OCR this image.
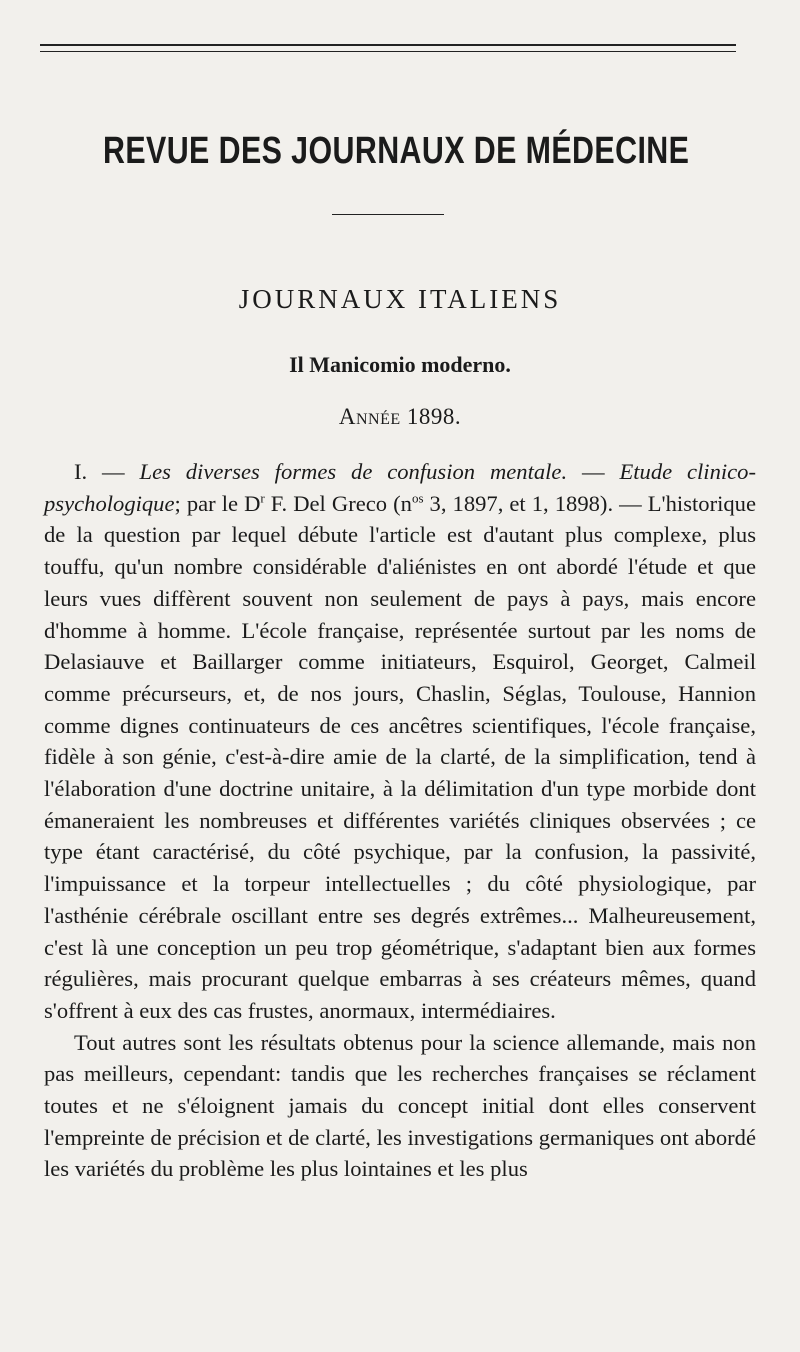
REVUE DES JOURNAUX DE MÉDECINE
JOURNAUX ITALIENS
Il Manicomio moderno.
Année 1898.

I. — Les diverses formes de confusion mentale. — Etude clinico-psychologique; par le $D^r$ F. Del Greco ($n^{os}$ 3, 1897, et 1, 1898). — L'historique de la question par lequel débute l'article est d'autant plus complexe, plus touffu, qu'un nombre considérable d'aliénistes en ont abordé l'étude et que leurs vues diffèrent souvent non seulement de pays à pays, mais encore d'homme à homme. L'école française, représentée surtout par les noms de Delasiauve et Baillarger comme initiateurs, Esquirol, Georget, Calmeil comme précurseurs, et, de nos jours, Chaslin, Séglas, Toulouse, Hannion comme dignes continuateurs de ces ancêtres scientifiques, l'école française, fidèle à son génie, c'est-à-dire amie de la clarté, de la simplification, tend à l'élaboration d'une doctrine unitaire, à la délimitation d'un type morbide dont émaneraient les nombreuses et différentes variétés cliniques observées ; ce type étant caractérisé, du côté psychique, par la confusion, la passivité, l'impuissance et la torpeur intellectuelles ; du côté physiologique, par l'asthénie cérébrale oscillant entre ses degrés extrêmes... Malheureusement, c'est là une conception un peu trop géométrique, s'adaptant bien aux formes régulières, mais procurant quelque embarras à ses créateurs mêmes, quand s'offrent à eux des cas frustes, anormaux, intermédiaires.

Tout autres sont les résultats obtenus pour la science allemande, mais non pas meilleurs, cependant: tandis que les recherches françaises se réclament toutes et ne s'éloignent jamais du concept initial dont elles conservent l'empreinte de précision et de clarté, les investigations germaniques ont abordé les variétés du problème les plus lointaines et les plus
